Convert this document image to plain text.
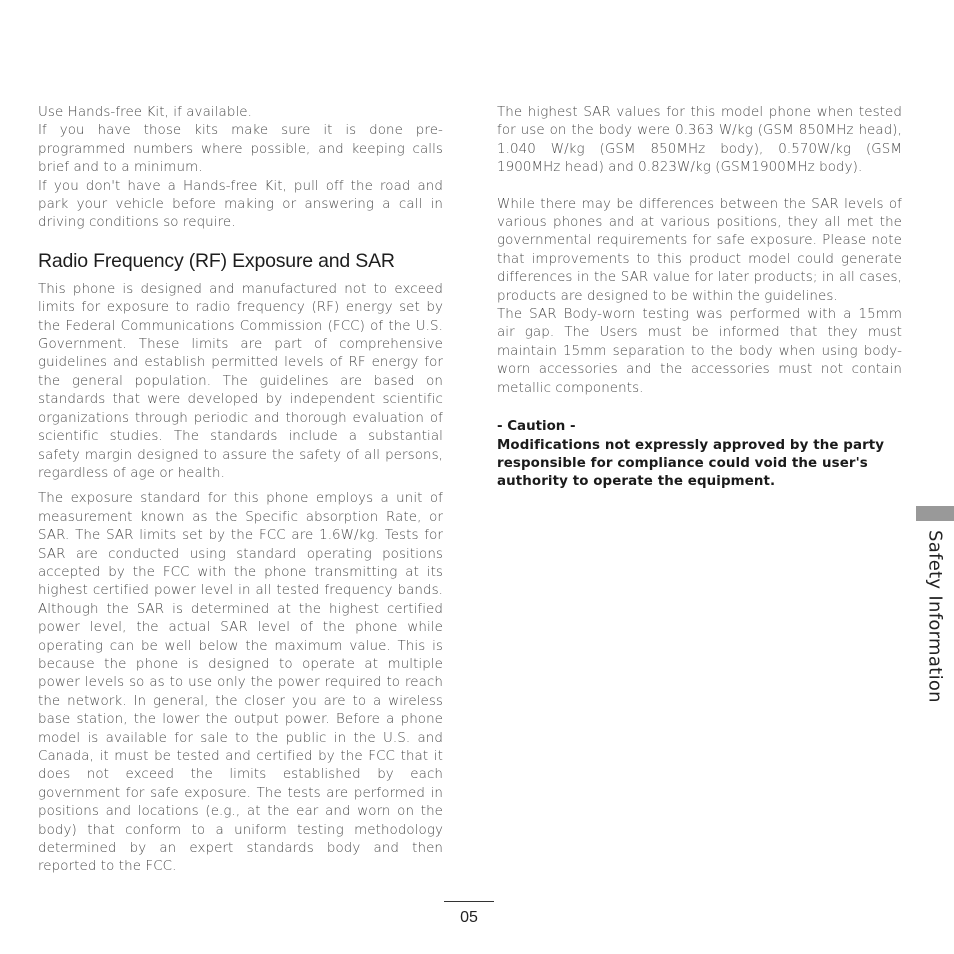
Use Hands-free Kit, if available.

If you have those kits make sure it is done pre-programmed numbers where possible, and keeping calls brief and to a minimum.

If you don't have a Hands-free Kit, pull off the road and park your vehicle before making or answering a call in driving conditions so require.

Radio Frequency (RF) Exposure and SAR

This phone is designed and manufactured not to exceed limits for exposure to radio frequency (RF) energy set by the Federal Communications Commission (FCC) of the U.S. Government. These limits are part of comprehensive guidelines and establish permitted levels of RF energy for the general population. The guidelines are based on standards that were developed by independent scientific organizations through periodic and thorough evaluation of scientific studies. The standards include a substantial safety margin designed to assure the safety of all persons, regardless of age or health.

The exposure standard for this phone employs a unit of measurement known as the Specific absorption Rate, or SAR. The SAR limits set by the FCC are 1.6W/kg. Tests for SAR are conducted using standard operating positions accepted by the FCC with the phone transmitting at its highest certified power level in all tested frequency bands. Although the SAR is determined at the highest certified power level, the actual SAR level of the phone while operating can be well below the maximum value. This is because the phone is designed to operate at multiple power levels so as to use only the power required to reach the network. In general, the closer you are to a wireless base station, the lower the output power. Before a phone model is available for sale to the public in the U.S. and Canada, it must be tested and certified by the FCC that it does not exceed the limits established by each government for safe exposure. The tests are performed in positions and locations (e.g., at the ear and worn on the body) that conform to a uniform testing methodology determined by an expert standards body and then reported to the FCC.

The highest SAR values for this model phone when tested for use on the body were 0.363 W/kg (GSM 850MHz head), 1.040 W/kg (GSM 850MHz body), 0.570W/kg (GSM 1900MHz head) and 0.823W/kg (GSM1900MHz body).

While there may be differences between the SAR levels of various phones and at various positions, they all met the governmental requirements for safe exposure. Please note that improvements to this product model could generate differences in the SAR value for later products; in all cases, products are designed to be within the guidelines.

The SAR Body-worn testing was performed with a 15mm air gap. The Users must be informed that they must maintain 15mm separation to the body when using body-worn accessories and the accessories must not contain metallic components.

- Caution -

Modifications not expressly approved by the party responsible for compliance could void the user's authority to operate the equipment.

Safety Information
05
